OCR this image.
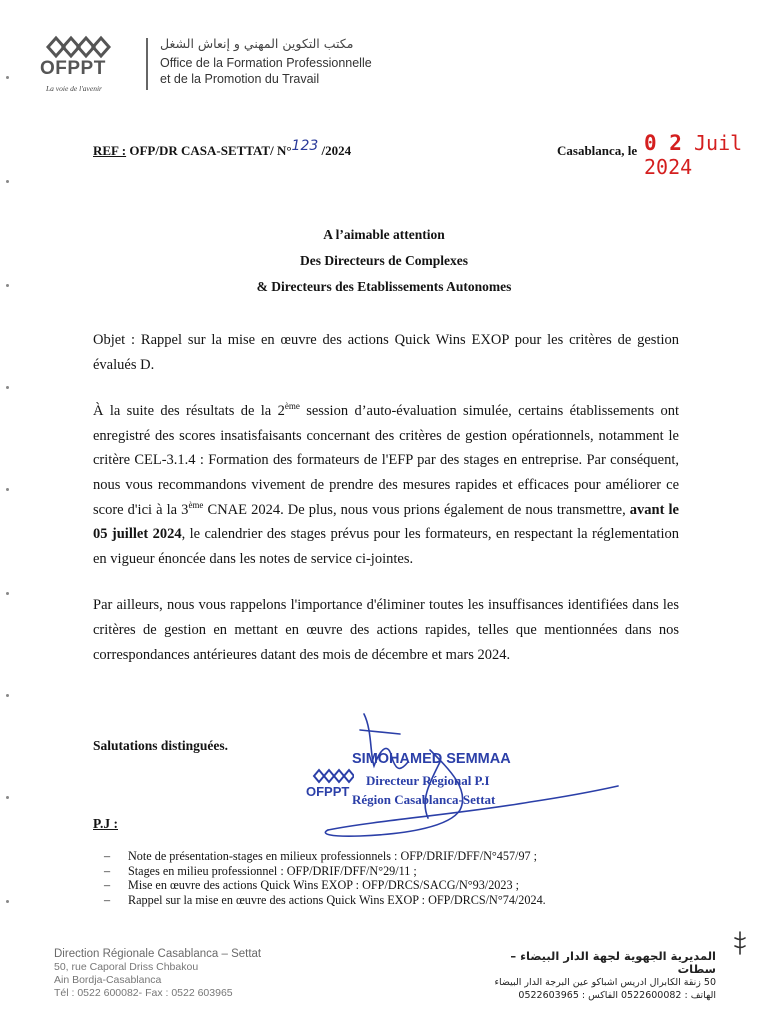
OFPPT
La voie de l'avenir
مكتب التكوين المهني و إنعاش الشغل
Office de la Formation Professionnelle
et de la Promotion du Travail
REF : OFP/DR CASA-SETTAT/ N°123 /2024	Casablanca, le 0 2 Juil 2024
A l’aimable attention
Des Directeurs de Complexes
& Directeurs des Etablissements Autonomes

Objet : Rappel sur la mise en œuvre des actions Quick Wins EXOP pour les critères de gestion évalués D.

À la suite des résultats de la 2ème session d’auto-évaluation simulée, certains établissements ont enregistré des scores insatisfaisants concernant des critères de gestion opérationnels, notamment le critère CEL-3.1.4 : Formation des formateurs de l'EFP par des stages en entreprise. Par conséquent, nous vous recommandons vivement de prendre des mesures rapides et efficaces pour améliorer ce score d'ici à la 3ème CNAE 2024. De plus, nous vous prions également de nous transmettre, avant le 05 juillet 2024, le calendrier des stages prévus pour les formateurs, en respectant la réglementation en vigueur énoncée dans les notes de service ci-jointes.

Par ailleurs, nous vous rappelons l'importance d'éliminer toutes les insuffisances identifiées dans les critères de gestion en mettant en œuvre des actions rapides, telles que mentionnées dans nos correspondances antérieures datant des mois de décembre et mars 2024.

Salutations distinguées.
OFPPT
SIMOHAMED SEMMAA
Directeur Régional P.I
Région Casablanca-Settat
P.J :
– Note de présentation-stages en milieux professionnels : OFP/DRIF/DFF/N°457/97 ;
– Stages en milieu professionnel : OFP/DRIF/DFF/N°29/11 ;
– Mise en œuvre des actions Quick Wins EXOP : OFP/DRCS/SACG/N°93/2023 ;
– Rappel sur la mise en œuvre des actions Quick Wins EXOP : OFP/DRCS/N°74/2024.
Direction Régionale Casablanca – Settat
50, rue Caporal Driss Chbakou
Ain Bordja-Casablanca
Tél : 0522 600082- Fax : 0522 603965
المديرية الجهوية لجهة الدار البيضاء –سطات
50 زنقة الكابرال ادريس اشباكو عين البرجة الدار البيضاء
الهاتف : 0522600082 الفاكس : 0522603965
